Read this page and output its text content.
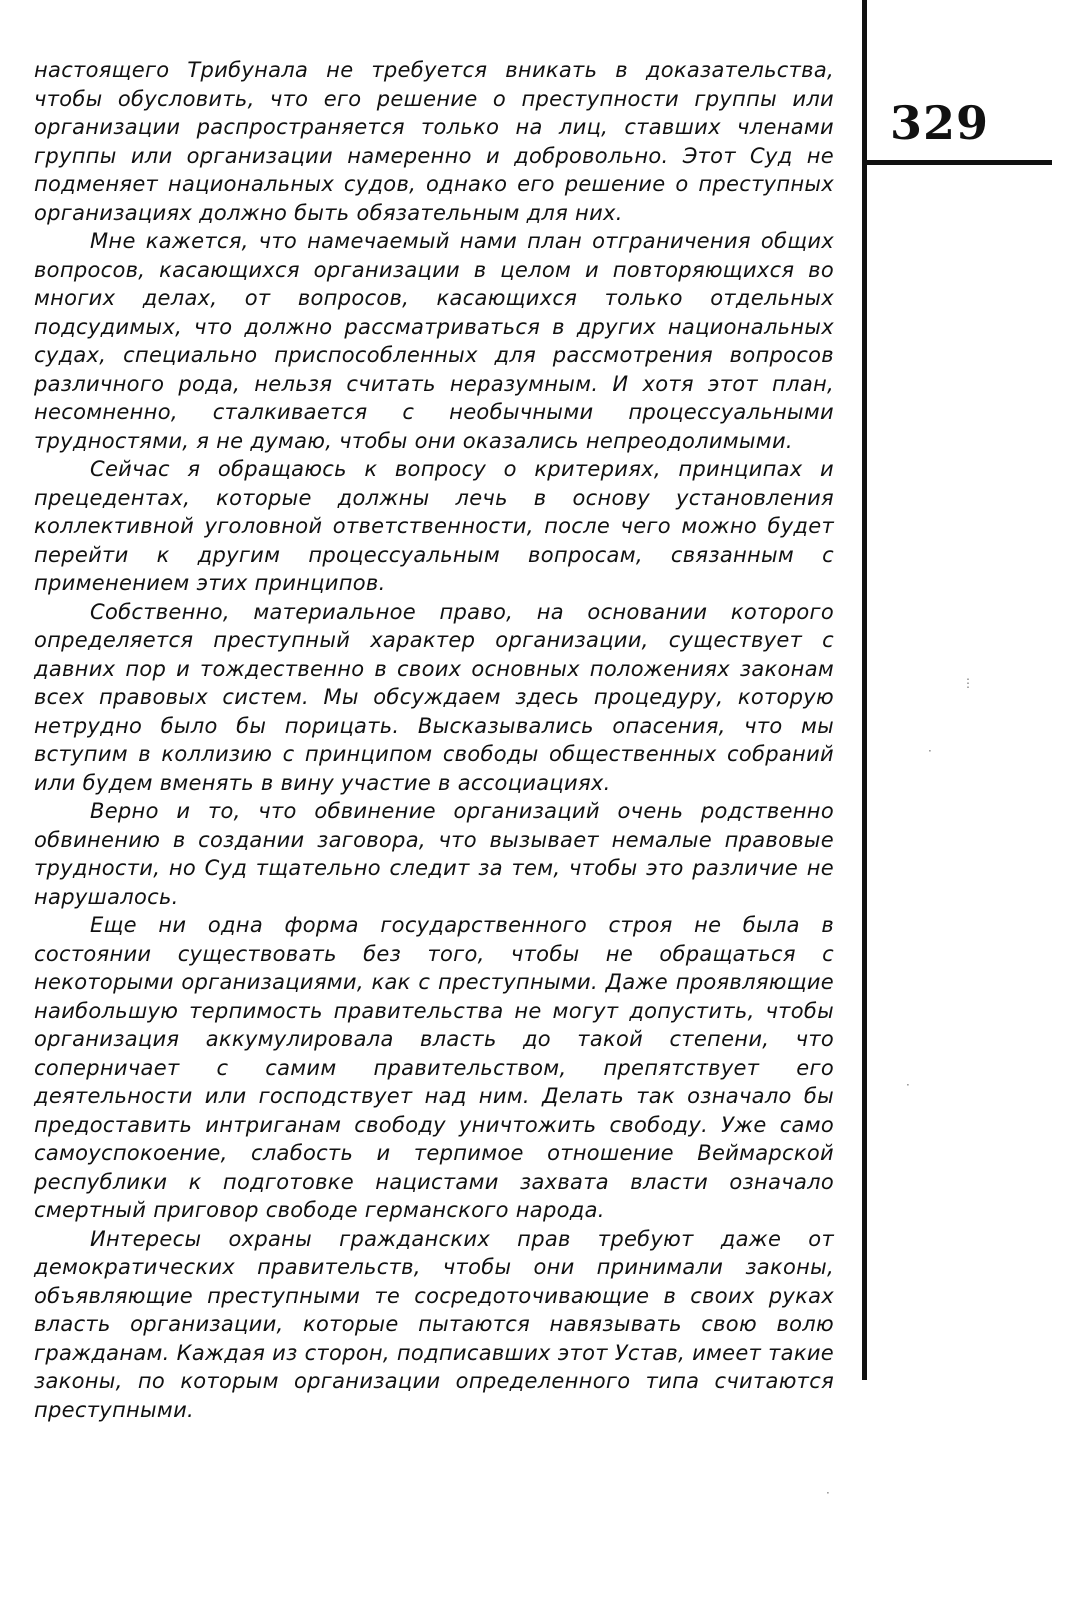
329

настоящего Трибунала не требуется вникать в доказательства, чтобы обусловить, что его решение о преступности группы или организации распространяется только на лиц, ставших членами группы или организации намеренно и добровольно. Этот Суд не подменяет национальных судов, однако его решение о преступных организациях должно быть обязательным для них.

Мне кажется, что намечаемый нами план отграничения общих вопросов, касающихся организации в целом и повторяющихся во многих делах, от вопросов, касающихся только отдельных подсудимых, что должно рассматриваться в других национальных судах, специально приспособленных для рассмотрения вопросов различного рода, нельзя считать неразумным. И хотя этот план, несомненно, сталкивается с необычными процессуальными трудностями, я не думаю, чтобы они оказались непреодолимыми.

Сейчас я обращаюсь к вопросу о критериях, принципах и прецедентах, которые должны лечь в основу установления коллективной уголовной ответственности, после чего можно будет перейти к другим процессуальным вопросам, связанным с применением этих принципов.

Собственно, материальное право, на основании которого определяется преступный характер организации, существует с давних пор и тождественно в своих основных положениях законам всех правовых систем. Мы обсуждаем здесь процедуру, которую нетрудно было бы порицать. Высказывались опасения, что мы вступим в коллизию с принципом свободы общественных собраний или будем вменять в вину участие в ассоциациях.

Верно и то, что обвинение организаций очень родственно обвинению в создании заговора, что вызывает немалые правовые трудности, но Суд тщательно следит за тем, чтобы это различие не нарушалось.

Еще ни одна форма государственного строя не была в состоянии существовать без того, чтобы не обращаться с некоторыми организациями, как с преступными. Даже проявляющие наибольшую терпимость правительства не могут допустить, чтобы организация аккумулировала власть до такой степени, что соперничает с самим правительством, препятствует его деятельности или господствует над ним. Делать так означало бы предоставить интриганам свободу уничтожить свободу. Уже само самоуспокоение, слабость и терпимое отношение Веймарской республики к подготовке нацистами захвата власти означало смертный приговор свободе германского народа.

Интересы охраны гражданских прав требуют даже от демократических правительств, чтобы они принимали законы, объявляющие преступными те сосредоточивающие в своих руках власть организации, которые пытаются навязывать свою волю гражданам. Каждая из сторон, подписавших этот Устав, имеет такие законы, по которым организации определенного типа считаются преступными.

⋮
⋅
⋅
⋅
